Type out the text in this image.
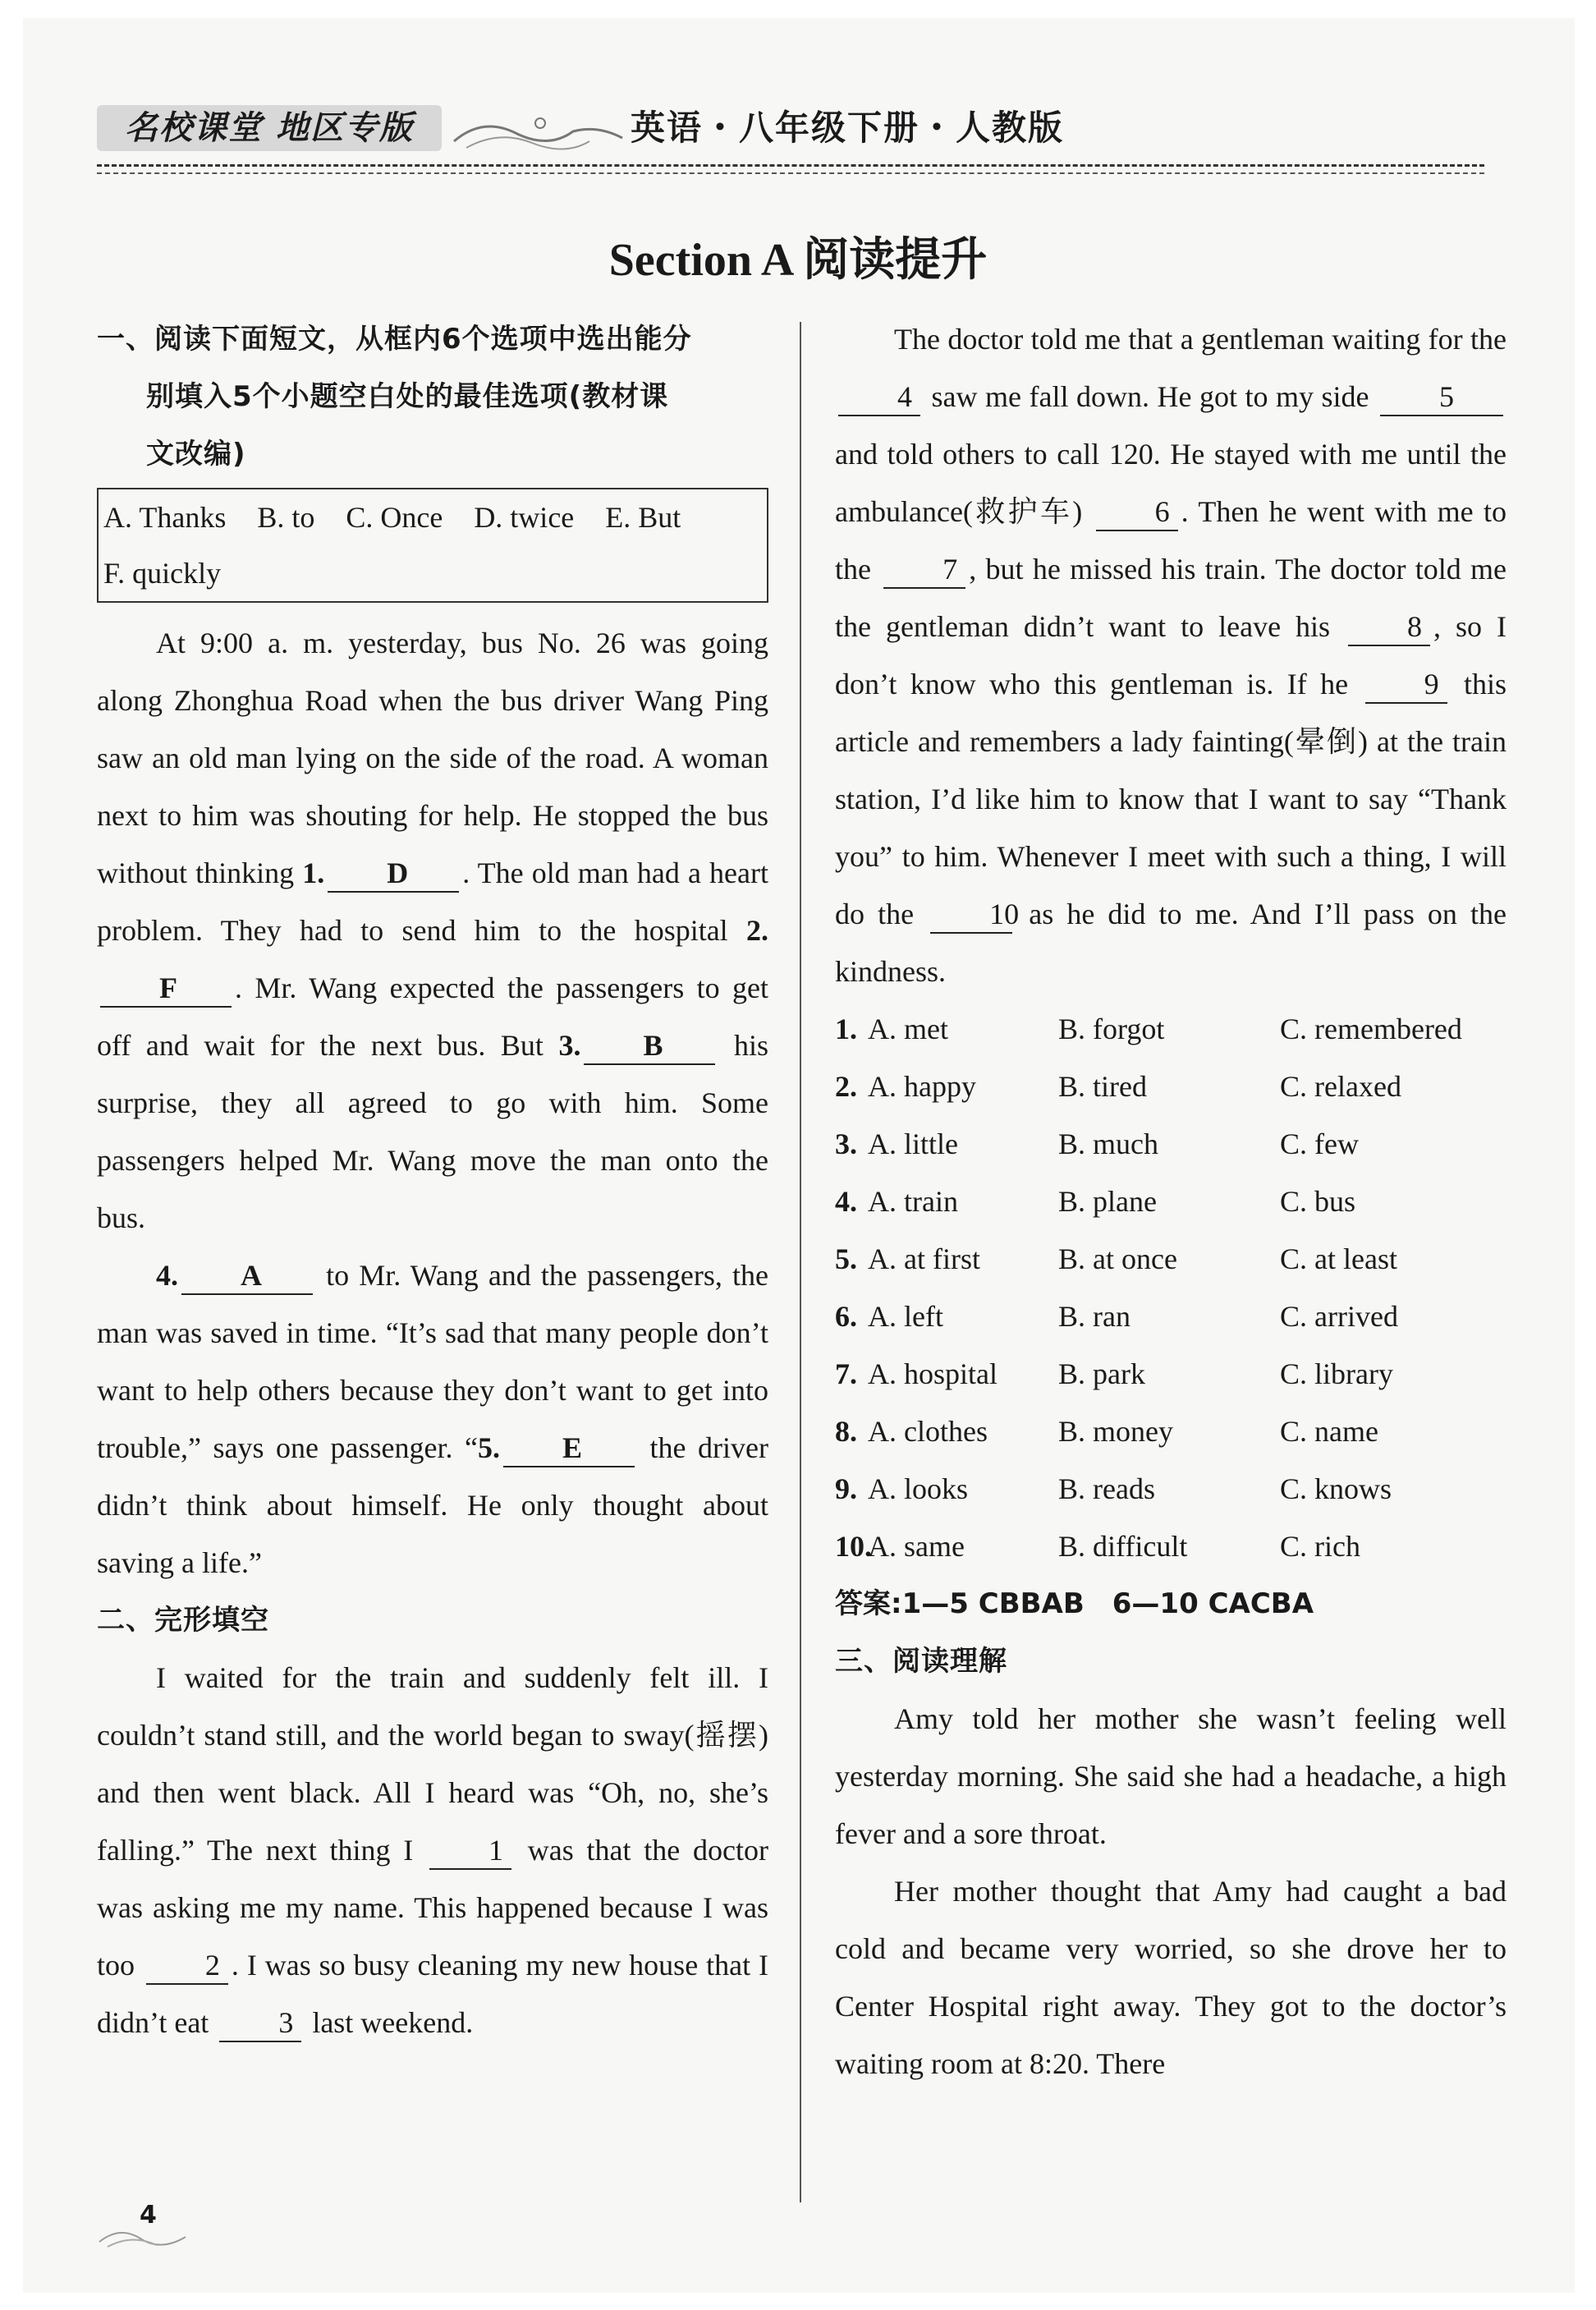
名校课堂 地区专版	英语・八年级下册・人教版
Section A 阅读提升

一、阅读下面短文，从框内6个选项中选出能分

别填入5个小题空白处的最佳选项(教材课

文改编)

A. Thanks B. to C. Once D. twice E. But
F. quickly

At 9:00 a. m. yesterday, bus No. 26 was going along Zhonghua Road when the bus driver Wang Ping saw an old man lying on the side of the road. A woman next to him was shouting for help. He stopped the bus without thinking 1. D . The old man had a heart problem. They had to send him to the hospital 2.F . Mr. Wang expected the passengers to get off and wait for the next bus. But 3. B his surprise, they all agreed to go with him. Some passengers helped Mr. Wang move the man onto the bus.

4. A to Mr. Wang and the passengers, the man was saved in time. “It’s sad that many people don’t want to help others because they don’t want to get into trouble,” says one passenger. “5. E the driver didn’t think about himself. He only thought about saving a life.”

二、完形填空

I waited for the train and suddenly felt ill. I couldn’t stand still, and the world began to sway(摇摆) and then went black. All I heard was “Oh, no, she’s falling.” The next thing I 1 was that the doctor was asking me my name. This happened because I was too 2 . I was so busy cleaning my new house that I didn’t eat 3 last weekend.

The doctor told me that a gentleman waiting for the 4 saw me fall down. He got to my side 5 and told others to call 120. He stayed with me until the ambulance(救护车) 6 . Then he went with me to the 7 , but he missed his train. The doctor told me the gentleman didn’t want to leave his 8 , so I don’t know who this gentleman is. If he 9 this article and remembers a lady fainting(晕倒) at the train station, I’d like him to know that I want to say “Thank you” to him. Whenever I meet with such a thing, I will do the 10 as he did to me. And I’ll pass on the kindness.

1. A. met	B. forgot	C. remembered
2. A. happy	B. tired	C. relaxed
3. A. little	B. much	C. few
4. A. train	B. plane	C. bus
5. A. at first	B. at once	C. at least
6. A. left	B. ran	C. arrived
7. A. hospital B. park	C. library
8. A. clothes B. money	C. name
9. A. looks	B. reads	C. knows
10.
A. same	B. difficult	C. rich

答案:1—5 CBBAB　6—10 CACBA

三、阅读理解

Amy told her mother she wasn’t feeling well yesterday morning. She said she had a headache, a high fever and a sore throat.

Her mother thought that Amy had caught a bad cold and became very worried, so she drove her to Center Hospital right away. They got to the doctor’s waiting room at 8:20. There

4
